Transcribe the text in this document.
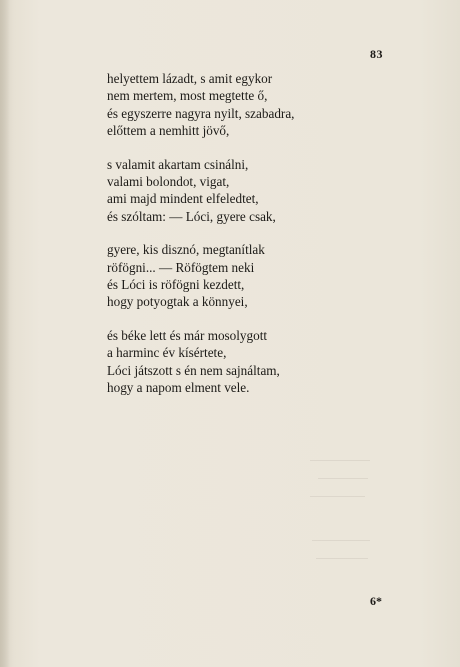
83
helyettem lázadt, s amit egykor
nem mertem, most megtette ő,
és egyszerre nagyra nyilt, szabadra,
előttem a nemhitt jövő,
s valamit akartam csinálni,
valami bolondot, vigat,
ami majd mindent elfeledtet,
és szóltam: — Lóci, gyere csak,
gyere, kis disznó, megtanítlak
röfögni... — Röfögtem neki
és Lóci is röfögni kezdett,
hogy potyogtak a könnyei,
és béke lett és már mosolygott
a harminc év kísértete,
Lóci játszott s én nem sajnáltam,
hogy a napom elment vele.
6*
